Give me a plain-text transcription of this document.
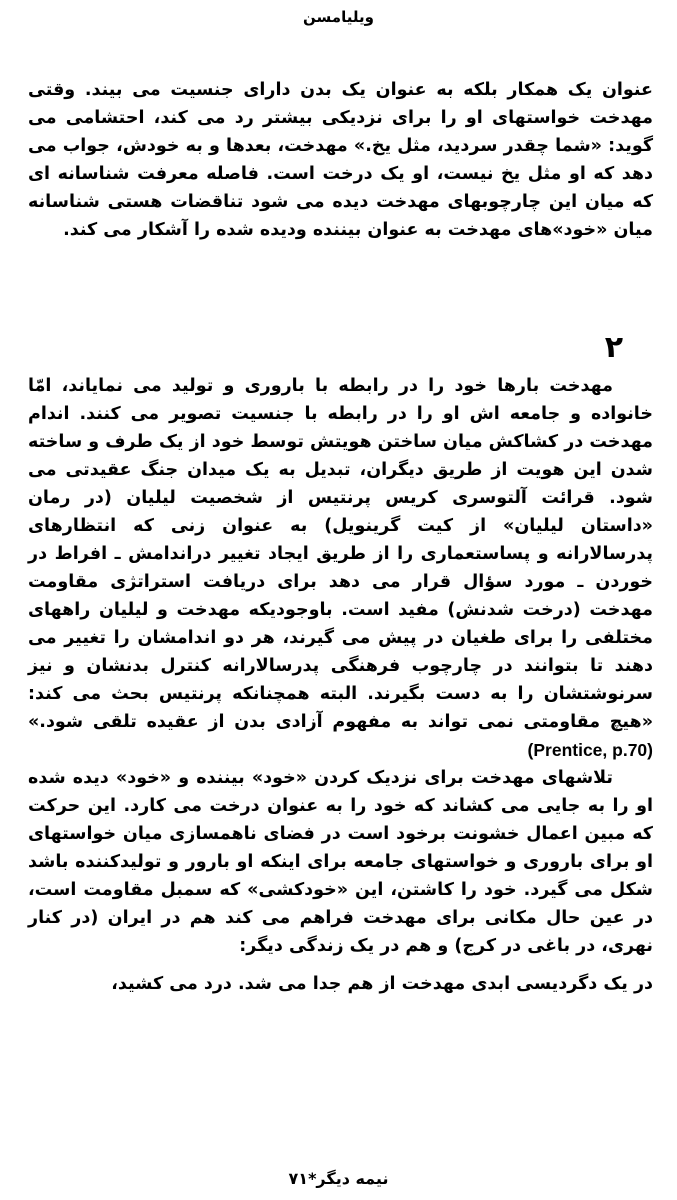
ویلیامسن

عنوان یک همکار بلکه به عنوان یک بدن دارای جنسیت می بیند. وقتی مهدخت خواستهای او را برای نزدیکی بیشتر رد می کند، احتشامی می گوید: «شما چقدر سردید، مثل یخ.» مهدخت، بعدها و به خودش، جواب می دهد که او مثل یخ نیست، او یک درخت است. فاصله معرفت شناسانه ای که میان این چارچوبهای مهدخت دیده می شود تناقضات هستی شناسانه میان «خود»های مهدخت به عنوان بیننده ودیده شده را آشکار می کند.

۲

مهدخت بارها خود را در رابطه با باروری و تولید می نمایاند، امّا خانواده و جامعه اش او را در رابطه با جنسیت تصویر می کنند. اندام مهدخت در کشاکش میان ساختن هویتش توسط خود از یک طرف و ساخته شدن این هویت از طریق دیگران، تبدیل به یک میدان جنگ عقیدتی می شود. قرائت آلتوسری کریس پرنتیس از شخصیت لیلیان (در رمان «داستان لیلیان» از کیت گرینویل) به عنوان زنی که انتظارهای پدرسالارانه و پساستعماری را از طریق ایجاد تغییر دراندامش ـ افراط در خوردن ـ مورد سؤال قرار می دهد برای دریافت استراتژی مقاومت مهدخت (درخت شدنش) مفید است. باوجودیکه مهدخت و لیلیان راههای مختلفی را برای طغیان در پیش می گیرند، هر دو اندامشان را تغییر می دهند تا بتوانند در چارچوب فرهنگی پدرسالارانه کنترل بدنشان و نیز سرنوشتشان را به دست بگیرند. البته همچنانکه پرنتیس بحث می کند: «هیچ مقاومتی نمی تواند به مفهوم آزادی بدن از عقیده تلقی شود.» (Prentice, p.70)

تلاشهای مهدخت برای نزدیک کردن «خود» بیننده و «خود» دیده شده او را به جایی می کشاند که خود را به عنوان درخت می کارد. این حرکت که مبین اعمال خشونت برخود است در فضای ناهمسازی میان خواستهای او برای باروری و خواستهای جامعه برای اینکه او بارور و تولیدکننده باشد شکل می گیرد. خود را کاشتن، این «خودکشی» که سمبل مقاومت است، در عین حال مکانی برای مهدخت فراهم می کند هم در ایران (در کنار نهری، در باغی در کرج) و هم در یک زندگی دیگر:

در یک دگردیسی ابدی مهدخت از هم جدا می شد. درد می کشید،

نیمه دیگر*۷۱
